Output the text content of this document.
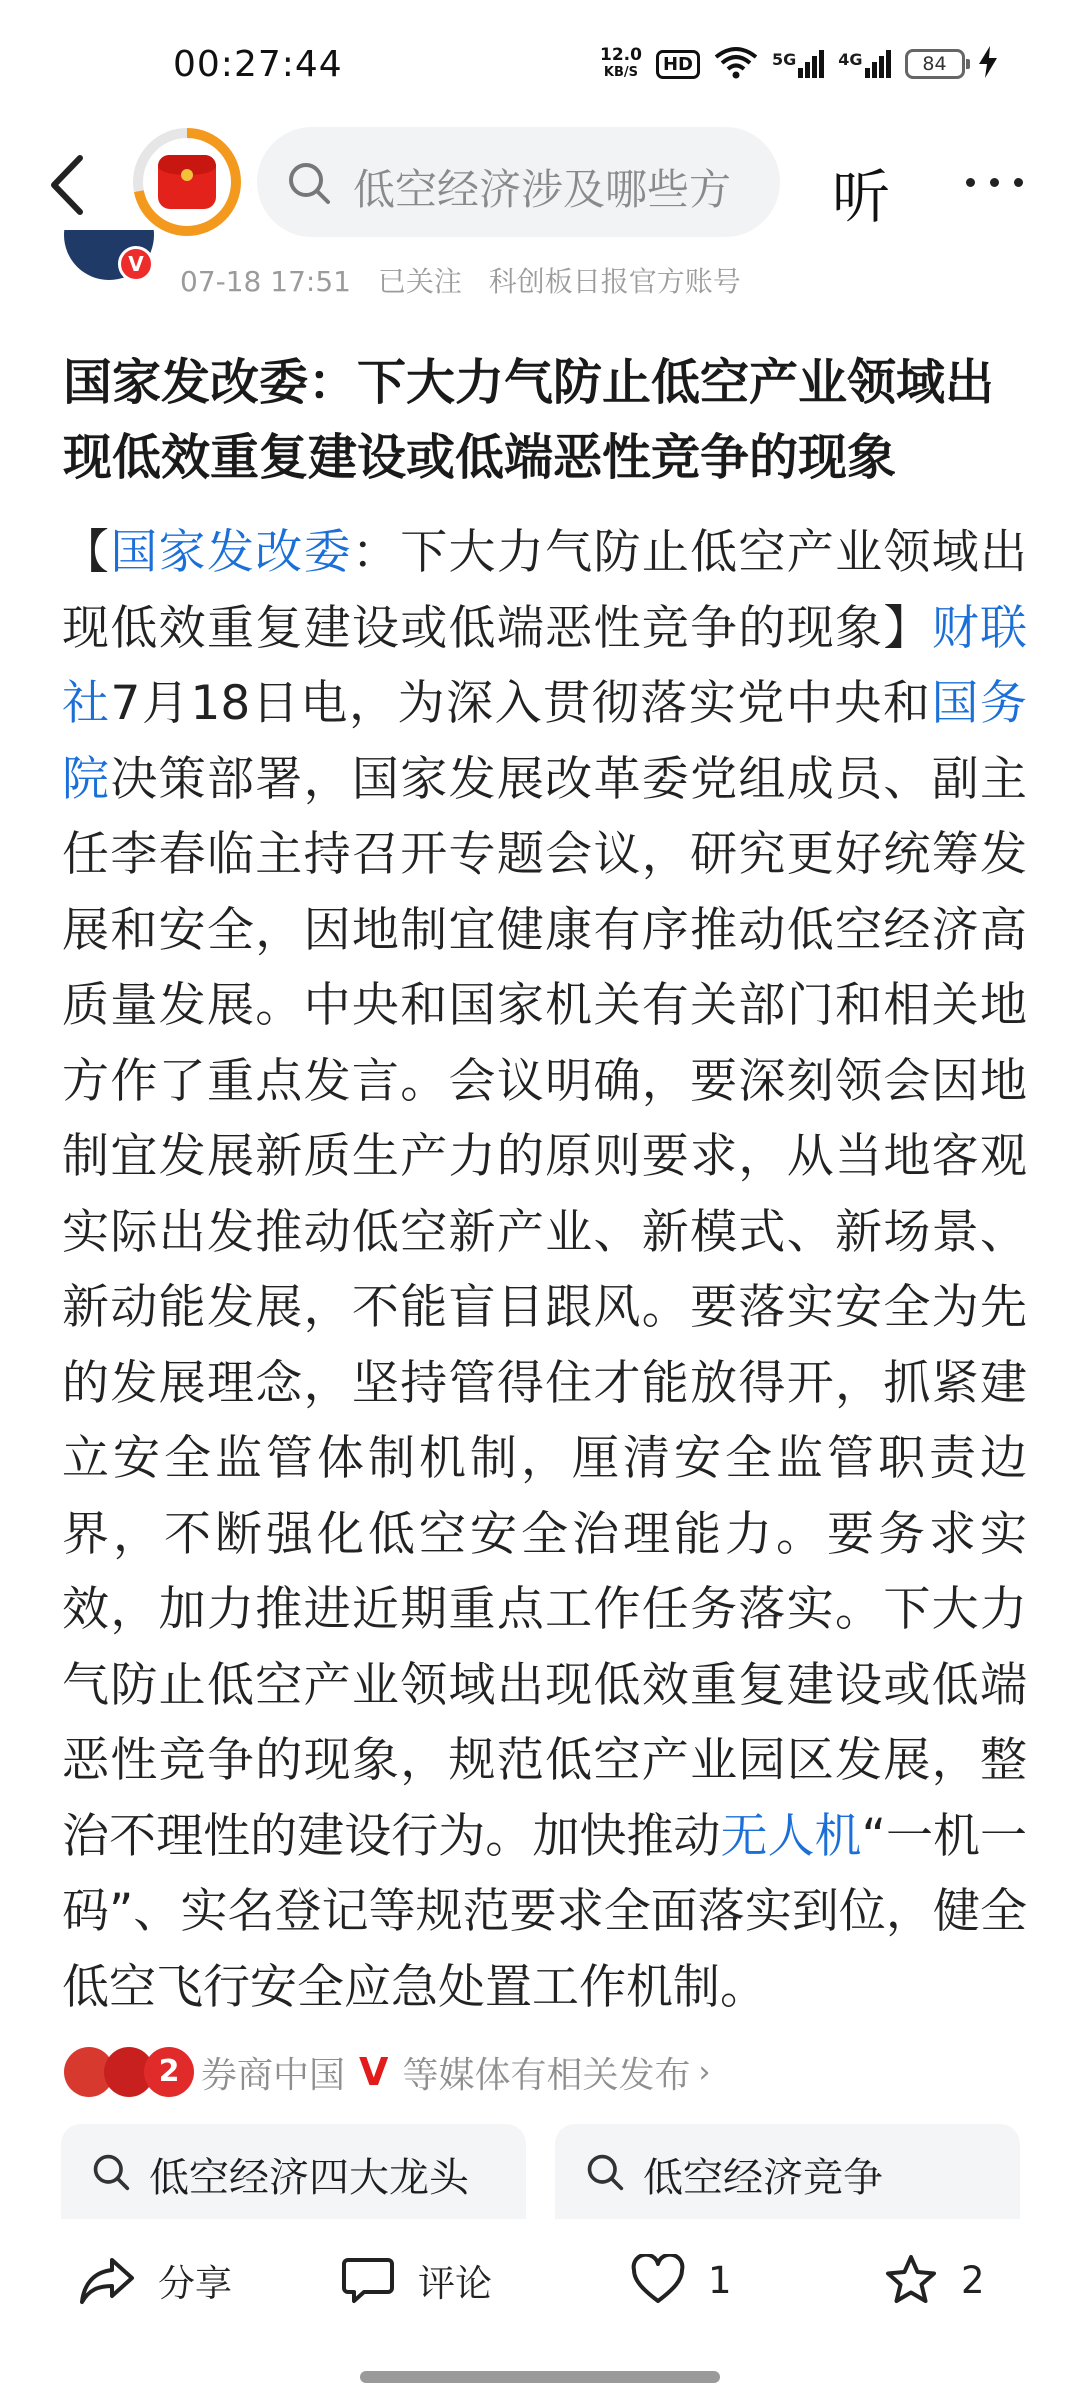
00:27:44	12.0
KB/S	HD	5G	4G	84
低空经济涉及哪些方 听
V
07-18 17:51 已关注 科创板日报官方账号
国家发改委：下大力气防止低空产业领域出现低效重复建设或低端恶性竞争的现象
【国家发改委：下大力气防止低空产业领域出现低效重复建设或低端恶性竞争的现象】财联社7月18日电，为深入贯彻落实党中央和国务院决策部署，国家发展改革委党组成员、副主任李春临主持召开专题会议，研究更好统筹发展和安全，因地制宜健康有序推动低空经济高质量发展。中央和国家机关有关部门和相关地方作了重点发言。会议明确，要深刻领会因地制宜发展新质生产力的原则要求，从当地客观实际出发推动低空新产业、新模式、新场景、新动能发展，不能盲目跟风。要落实安全为先的发展理念，坚持管得住才能放得开，抓紧建立安全监管体制机制，厘清安全监管职责边界，不断强化低空安全治理能力。要务求实效，加力推进近期重点工作任务落实。下大力气防止低空产业领域出现低效重复建设或低端恶性竞争的现象，规范低空产业园区发展，整治不理性的建设行为。加快推动无人机“一机一码”、实名登记等规范要求全面落实到位，健全低空飞行安全应急处置工作机制。
2 券商中国 V 等媒体有相关发布 ›
低空经济四大龙头	低空经济竞争
分享	评论	1	2
